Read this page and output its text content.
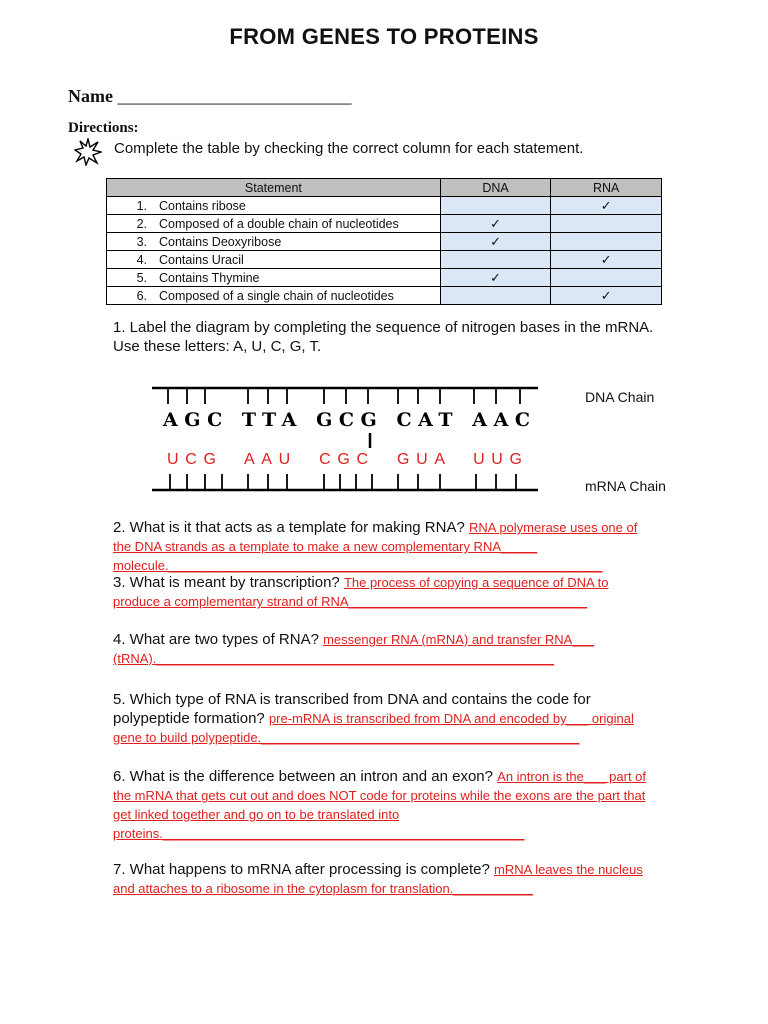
FROM GENES TO PROTEINS
Name __________________________
Directions:
Complete the table by checking the correct column for each statement.
Statement	DNA	RNA
1. Contains ribose		✓
2. Composed of a double chain of nucleotides	✓	
3. Contains Deoxyribose	✓	
4. Contains Uracil		✓
5. Contains Thymine	✓	
6. Composed of a single chain of nucleotides		✓
1. Label the diagram by completing the sequence of nitrogen bases in the mRNA. Use these letters: A, U, C, G, T.
AGC TTA GCG CAT AAC
UCG  AAU  CGC  GUA  UUG
DNA Chain
mRNA Chain
2. What is it that acts as a template for making RNA? RNA polymerase uses one of the DNA strands as a template to make a new complementary RNA_____ molecule.____________________________________________________________
3. What is meant by transcription? The process of copying a sequence of DNA to produce a complementary strand of RNA_________________________________
4. What are two types of RNA? messenger RNA (mRNA) and transfer RNA___ (tRNA)._______________________________________________________
5. Which type of RNA is transcribed from DNA and contains the code for polypeptide formation? pre-mRNA is transcribed from DNA and encoded by___ original gene to build polypeptide.____________________________________________
6. What is the difference between an intron and an exon? An intron is the___ part of the mRNA that gets cut out and does NOT code for proteins while the exons are the part that get linked together and go on to be translated into proteins.__________________________________________________
7. What happens to mRNA after processing is complete? mRNA leaves the nucleus and attaches to a ribosome in the cytoplasm for translation.___________
